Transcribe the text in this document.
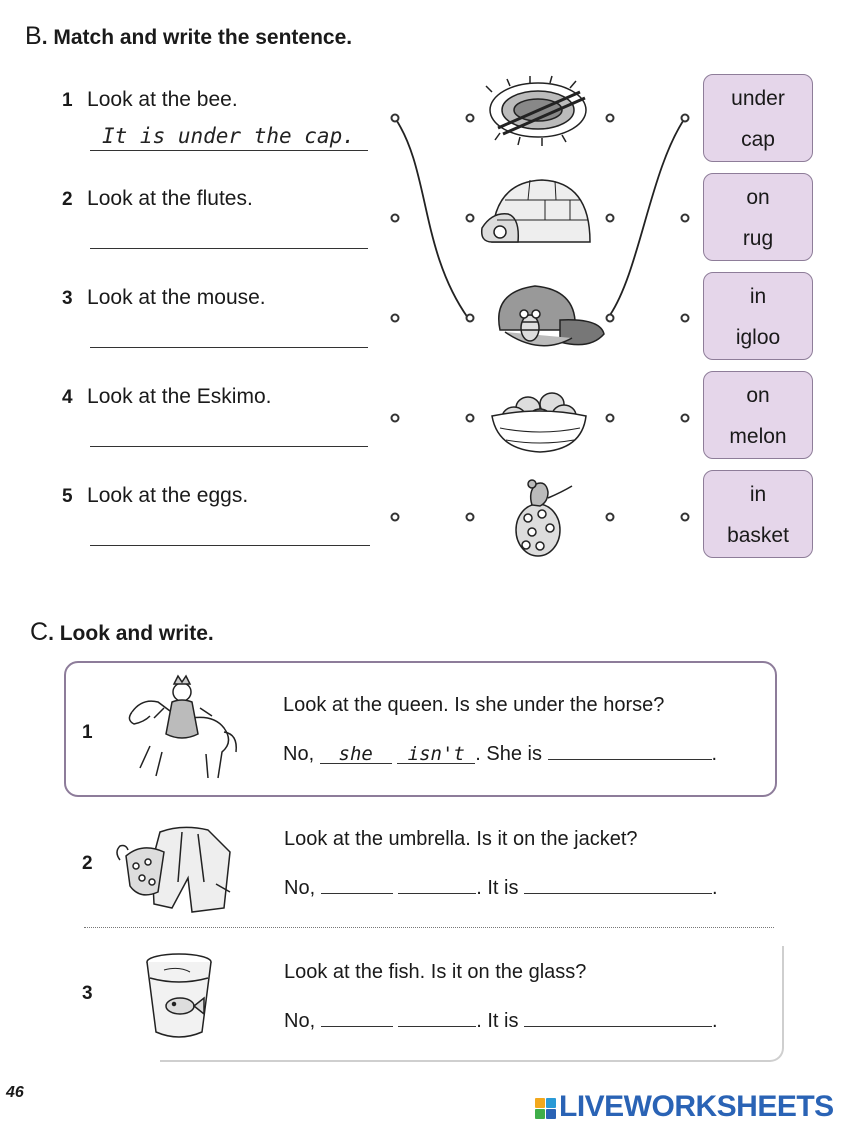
B. Match and write the sentence.
1 Look at the bee.
It is under the cap.
2 Look at the flutes.
3 Look at the mouse.
4 Look at the Eskimo.
5 Look at the eggs.
under
cap
on
rug
in
igloo
on
melon
in
basket
C. Look and write.
1
Look at the queen. Is she under the horse?
No, she isn't . She is	.
2
Look at the umbrella. Is it on the jacket?
No,	. It is	.
3
Look at the fish. Is it on the glass?
No,	. It is	.
46	LIVEWORKSHEETS
